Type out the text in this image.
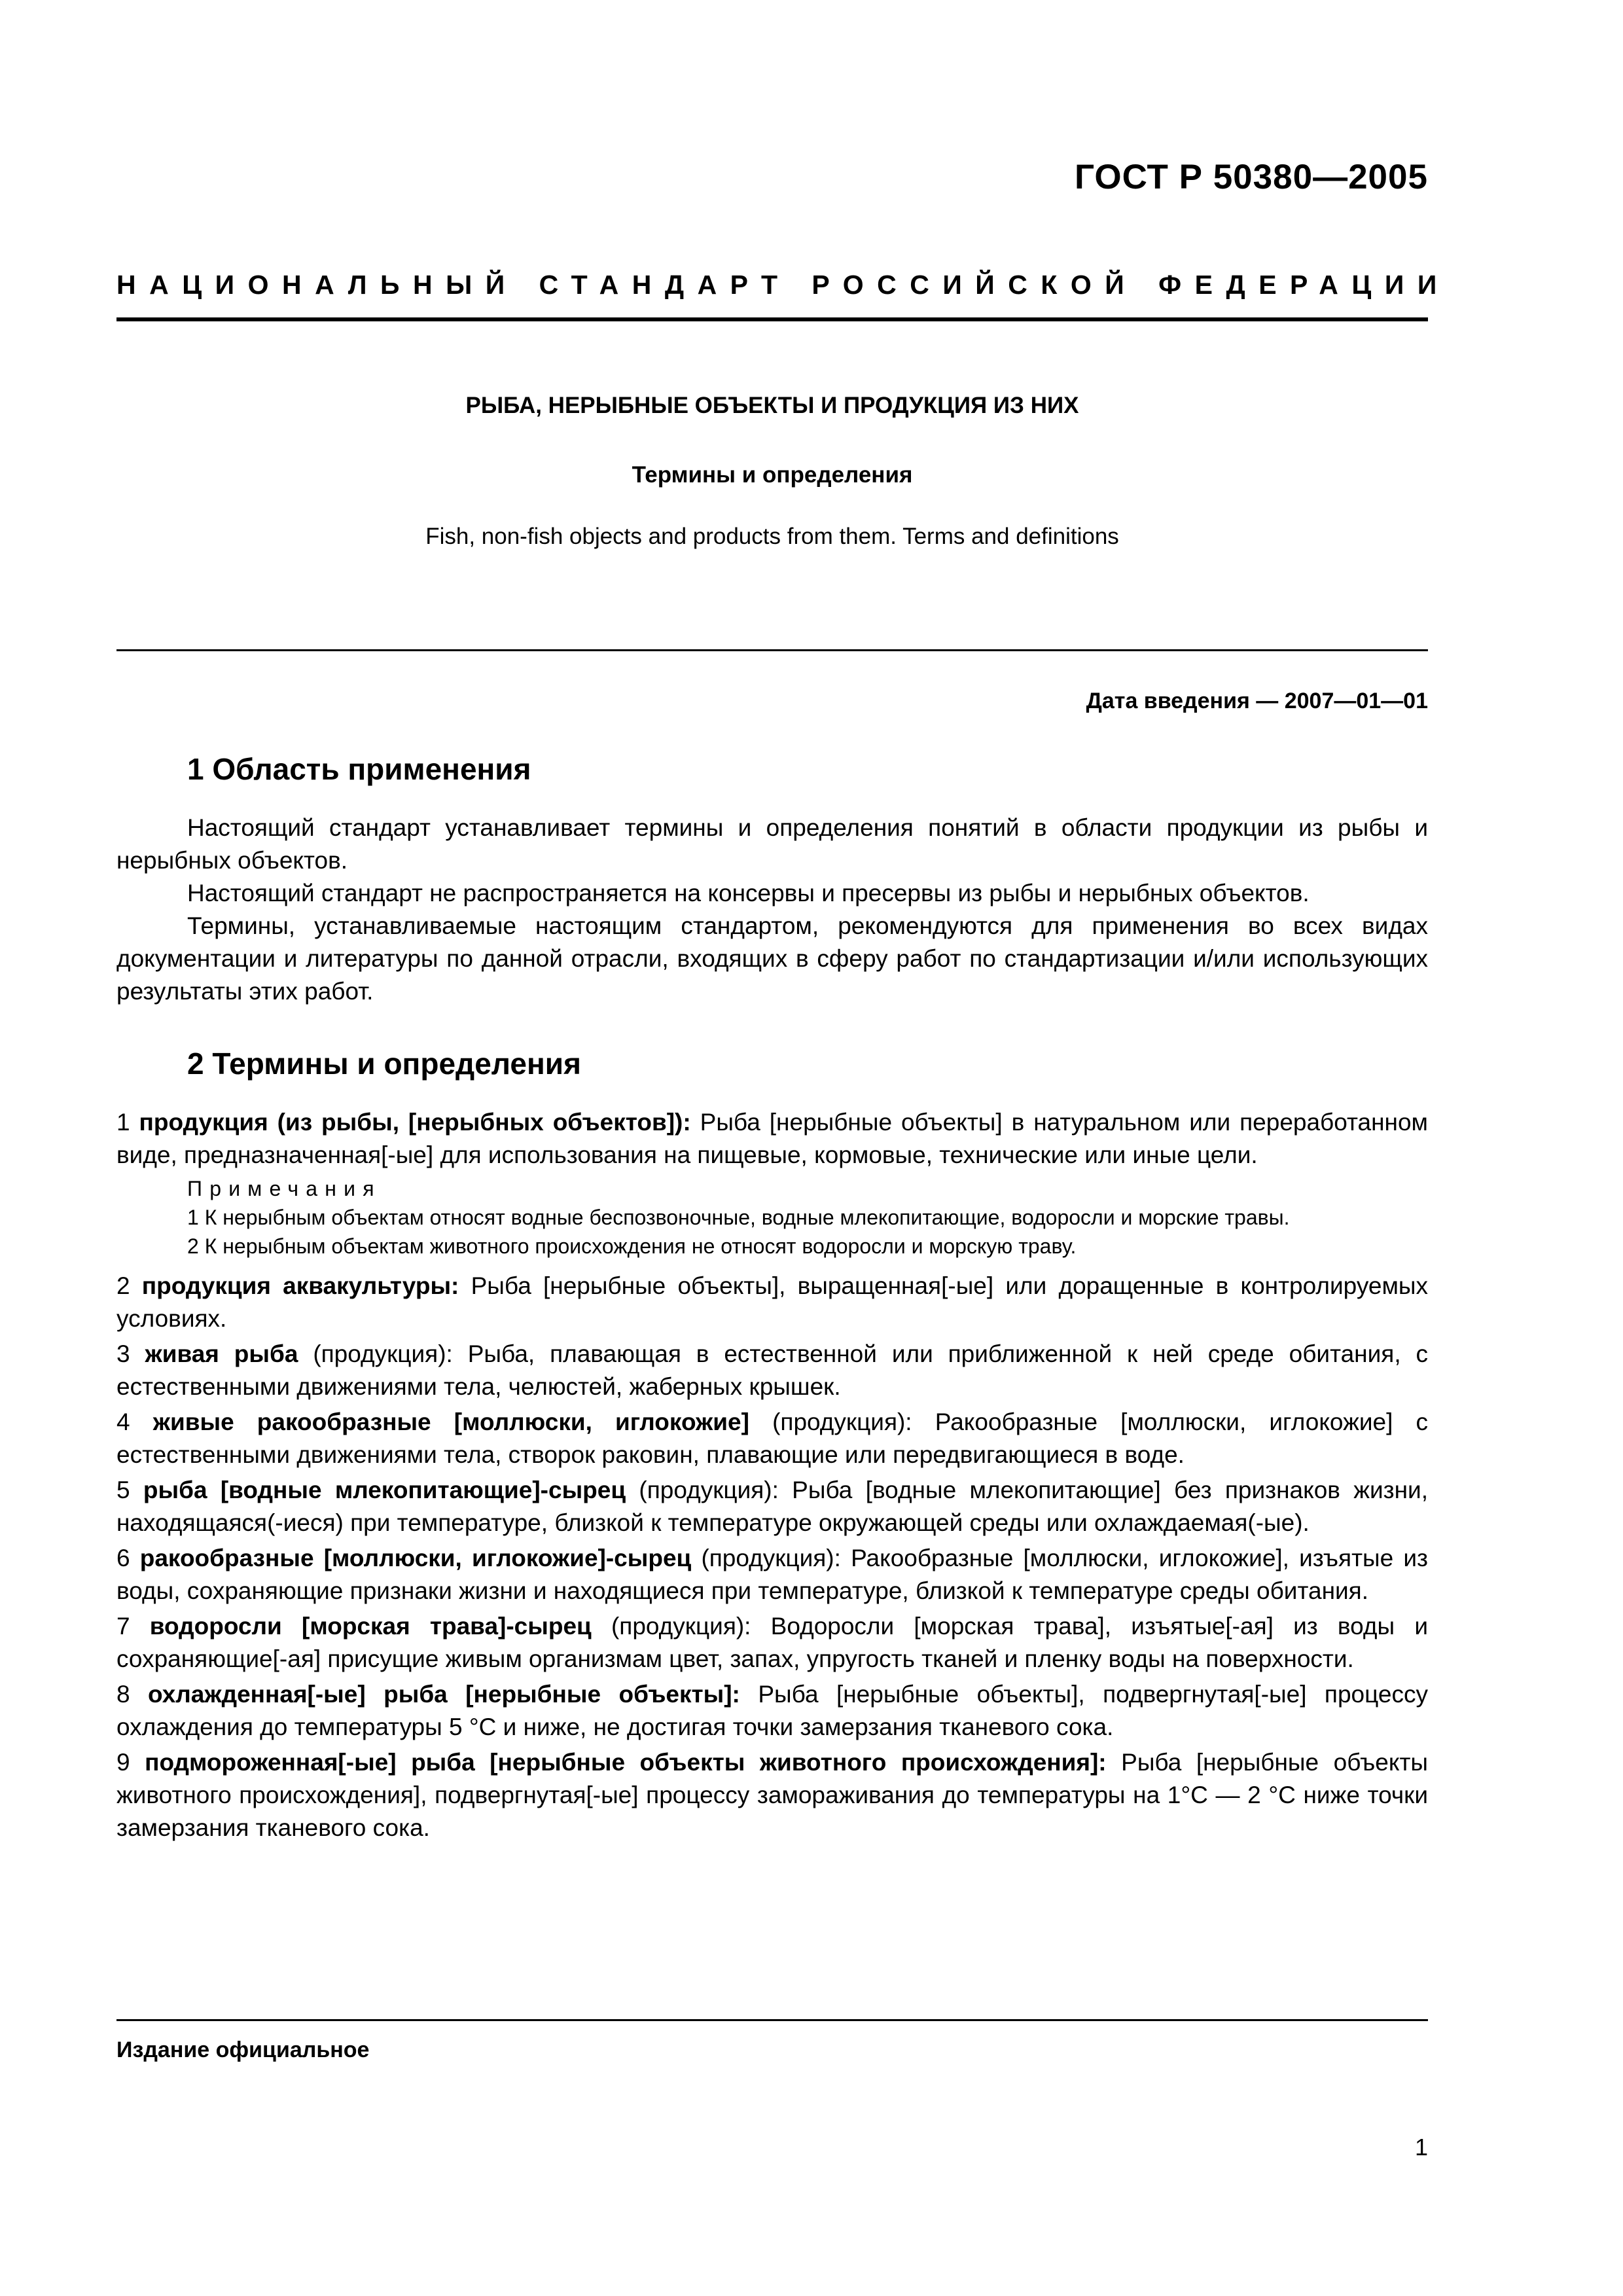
ГОСТ Р 50380—2005
НАЦИОНАЛЬНЫЙ СТАНДАРТ РОССИЙСКОЙ ФЕДЕРАЦИИ
РЫБА, НЕРЫБНЫЕ ОБЪЕКТЫ И ПРОДУКЦИЯ ИЗ НИХ
Термины и определения
Fish, non-fish objects and products from them. Terms and definitions
Дата введения — 2007—01—01
1 Область применения

Настоящий стандарт устанавливает термины и определения понятий в области продукции из рыбы и нерыбных объектов.

Настоящий стандарт не распространяется на консервы и пресервы из рыбы и нерыбных объектов.

Термины, устанавливаемые настоящим стандартом, рекомендуются для применения во всех видах документации и литературы по данной отрасли, входящих в сферу работ по стандартизации и/или использующих результаты этих работ.

2 Термины и определения

1 продукция (из рыбы, [нерыбных объектов]): Рыба [нерыбные объекты] в натуральном или переработанном виде, предназначенная[-ые] для использования на пищевые, кормовые, технические или иные цели.

Примечания
1 К нерыбным объектам относят водные беспозвоночные, водные млекопитающие, водоросли и морские травы.
2 К нерыбным объектам животного происхождения не относят водоросли и морскую траву.

2 продукция аквакультуры: Рыба [нерыбные объекты], выращенная[-ые] или доращенные в контролируемых условиях.

3 живая рыба (продукция): Рыба, плавающая в естественной или приближенной к ней среде обитания, с естественными движениями тела, челюстей, жаберных крышек.

4 живые ракообразные [моллюски, иглокожие] (продукция): Ракообразные [моллюски, иглокожие] с естественными движениями тела, створок раковин, плавающие или передвигающиеся в воде.

5 рыба [водные млекопитающие]-сырец (продукция): Рыба [водные млекопитающие] без признаков жизни, находящаяся(-иеся) при температуре, близкой к температуре окружающей среды или охлаждаемая(-ые).

6 ракообразные [моллюски, иглокожие]-сырец (продукция): Ракообразные [моллюски, иглокожие], изъятые из воды, сохраняющие признаки жизни и находящиеся при температуре, близкой к температуре среды обитания.

7 водоросли [морская трава]-сырец (продукция): Водоросли [морская трава], изъятые[-ая] из воды и сохраняющие[-ая] присущие живым организмам цвет, запах, упругость тканей и пленку воды на поверхности.

8 охлажденная[-ые] рыба [нерыбные объекты]: Рыба [нерыбные объекты], подвергнутая[-ые] процессу охлаждения до температуры 5 °С и ниже, не достигая точки замерзания тканевого сока.

9 подмороженная[-ые] рыба [нерыбные объекты животного происхождения]: Рыба [нерыбные объекты животного происхождения], подвергнутая[-ые] процессу замораживания до температуры на 1°С — 2 °С ниже точки замерзания тканевого сока.

Издание официальное
1
